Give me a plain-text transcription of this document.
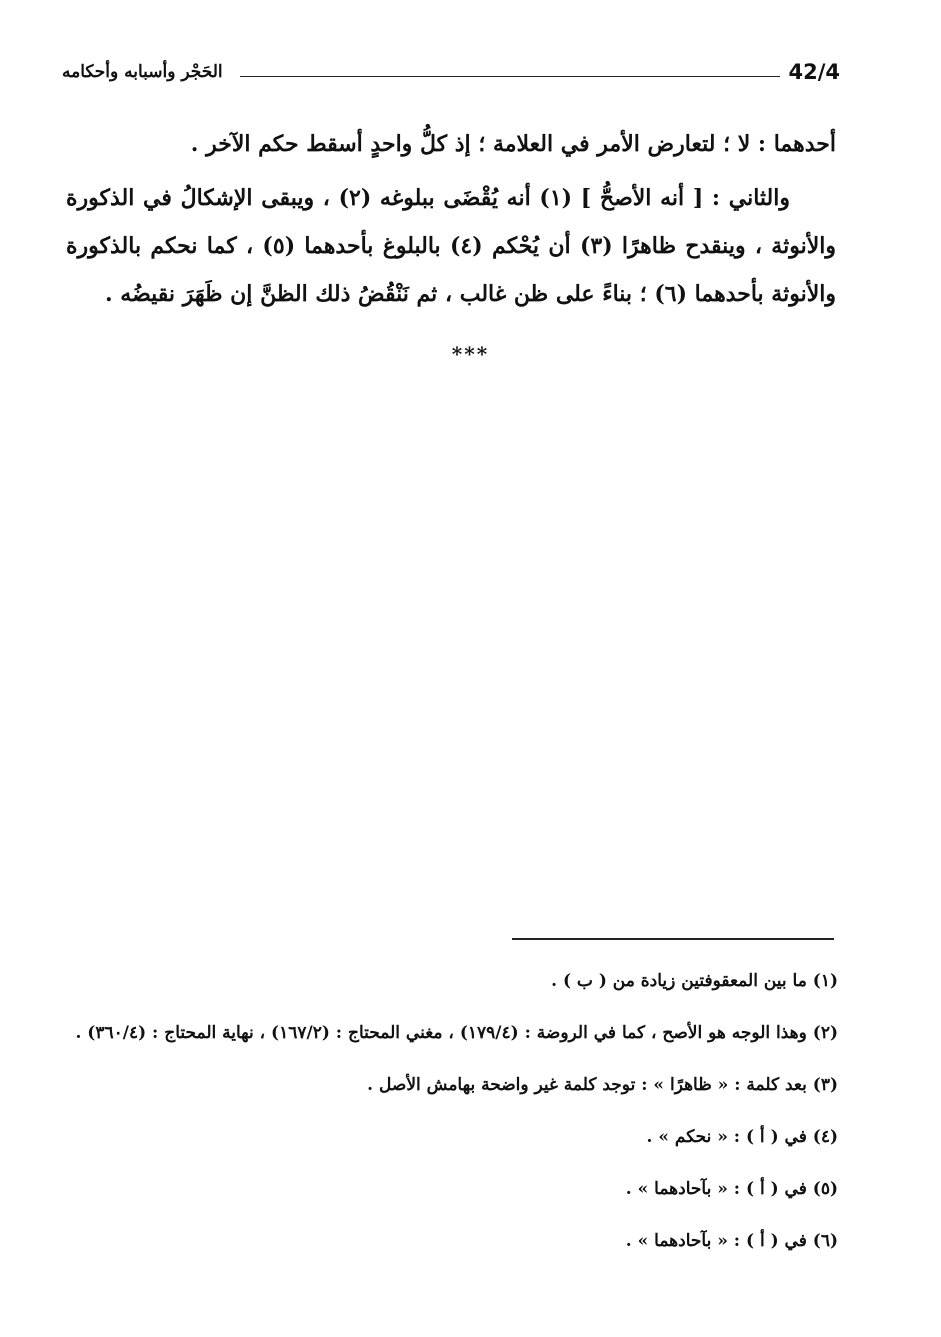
42/4
الحَجْر وأسبابه وأحكامه

أحدهما : لا ؛ لتعارض الأمر في العلامة ؛ إذ كلُّ واحدٍ أسقط حكم الآخر .

والثاني : [ أنه الأصحُّ ] (١) أنه يُقْضَى ببلوغه (٢) ، ويبقى الإشكالُ في الذكورة والأنوثة ، وينقدح ظاهرًا (٣) أن يُحْكم (٤) بالبلوغ بأحدهما (٥) ، كما نحكم بالذكورة والأنوثة بأحدهما (٦) ؛ بناءً على ظن غالب ، ثم نَنْقُضُ ذلك الظنَّ إن ظَهَرَ نقيضُه .

***
(١) ما بين المعقوفتين زيادة من ( ب ) .
(٢) وهذا الوجه هو الأصح ، كما في الروضة : (١٧٩/٤) ، مغني المحتاج : (١٦٧/٢) ، نهاية المحتاج : (٣٦٠/٤) .
(٣) بعد كلمة : « ظاهرًا » : توجد كلمة غير واضحة بهامش الأصل .
(٤) في ( أ ) : « نحكم » .
(٥) في ( أ ) : « بآحادهما » .
(٦) في ( أ ) : « بآحادهما » .
